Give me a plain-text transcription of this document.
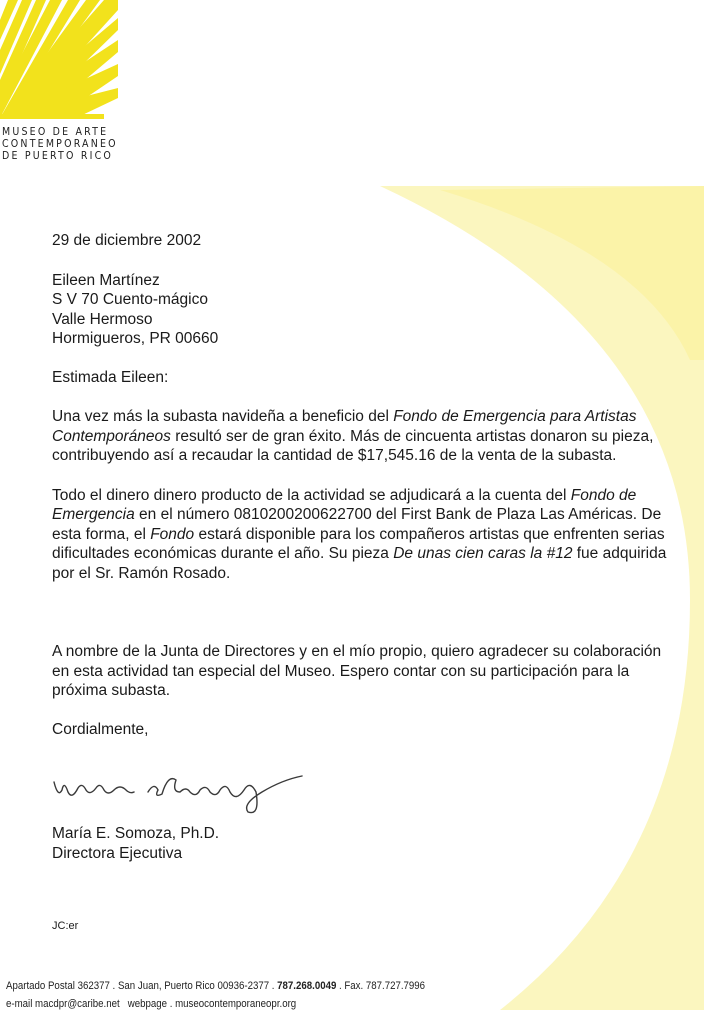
MUSEO DE ARTE
CONTEMPORANEO
DE PUERTO RICO

29 de diciembre 2002

Eileen Martínez

S V 70 Cuento-mágico

Valle Hermoso

Hormigueros, PR 00660

Estimada Eileen:

Una vez más la subasta navideña a beneficio del Fondo de Emergencia para Artistas Contemporáneos resultó ser de gran éxito. Más de cincuenta artistas donaron su pieza, contribuyendo así a recaudar la cantidad de $17,545.16 de la venta de la subasta.

Todo el dinero dinero producto de la actividad se adjudicará a la cuenta del Fondo de Emergencia en el número 0810200200622700 del First Bank de Plaza Las Américas. De esta forma, el Fondo estará disponible para los compañeros artistas que enfrenten serias dificultades económicas durante el año. Su pieza De unas cien caras la #12 fue adquirida por el Sr. Ramón Rosado.

A nombre de la Junta de Directores y en el mío propio, quiero agradecer su colaboración en esta actividad tan especial del Museo. Espero contar con su participación para la próxima subasta.

Cordialmente,

María E. Somoza, Ph.D.
Directora Ejecutiva
JC:er
Apartado Postal 362377 . San Juan, Puerto Rico 00936-2377 . 787.268.0049 . Fax. 787.727.7996
e-mail macdpr@caribe.net webpage . museocontemporaneopr.org
